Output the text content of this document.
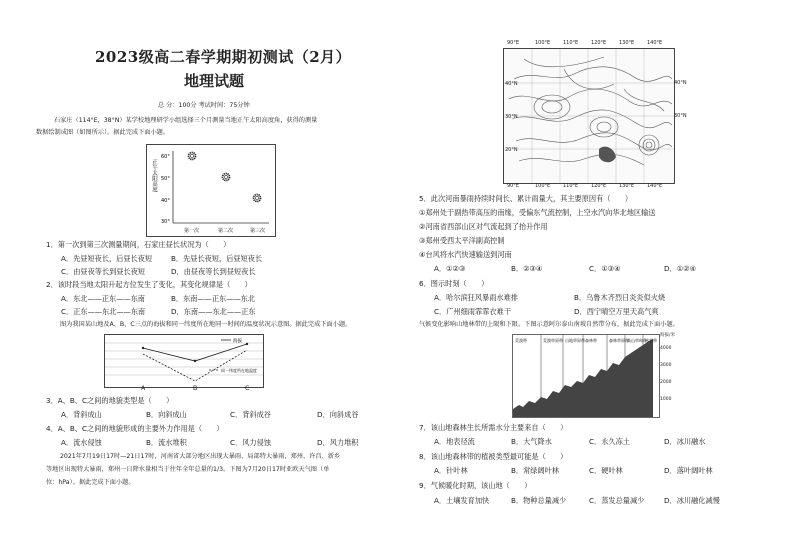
2023级高二春学期期初测试（2月）
地理试题
总 分：100分 考试时间：75分钟
石家庄（114°E，38°N）某学校地理研学小组选择三个月测量当地正午太阳高度角，获得的测量
数据绘制成图（如图所示）。据此完成下面小题。
正午太阳高度
60°
50°
40°
30°
第一次	第二次	第三次
1．第一次到第三次测量期间，石家庄昼长状况为（　　）
A．先昼短夜长，后昼长夜短	B．先昼长夜短，后昼短夜长
C．由昼夜等长到昼长夜短	D．由昼夜等长到昼短夜长
2．该时段当地太阳升起方位发生了变化，其变化规律是（　　）
A．东北——正东——东南	B．东南——正东——东北
C．正东——东北——东南	D．东南——东北——正东
图为我国某山地及A、B、C三点的海拔和同一纬度所在地同一时间的温度状况示意图。据此完成下面小题。
海拔
同一纬度所在地温度
A	B	C
3．A、B、C之间的地貌类型是（　　）
A．背斜成山	B．向斜成山	C．背斜成谷	D．向斜成谷
4．A、B、C之间的地貌形成的主要外力作用是（　　）
A．流水侵蚀	B．流水堆积	C．风力侵蚀	D．风力堆积
2021年7月19日17时—21日17时，河南省大部分地区出现大暴雨、局部特大暴雨，郑州、许昌、新乡
等地区出现特大暴雨，郑州一日降水量相当于往年全年总量的1/3。下图为7月20日17时亚欧天气图（单
位：hPa）。据此完成下面小题。
40°N
30°N
20°N
90°E	100°E	110°E	120°E	130°E	140°E
90°E	100°E	110°E	120°E	130°E	140°E
40°N
30°N
5．此次河南暴雨持续时间长、累计雨量大，其主要原因有（　　）
①郑州处于副热带高压的南缘，受偏东气流控制，上空水汽向华北地区输送
②河南省西部山区对气流起到了抬升作用
③郑州受西太平洋副高控制
④台风将水汽快速输送到河南
A．①②③	B．②③④	C．①③④	D．①②④
6．图示时刻（　　）
A．哈尔滨狂风暴雨水难排	B．乌鲁木齐烈日炎炎似火烧
C．广州细雨霏霏衣难干	D．西宁晴空万里天高气爽
气候变化影响山地林带的上限和下限。下图示意阿尔泰山南坡自然带分布，据此完成下面小题。
荒漠带	荒漠草原带 山地草原带 森林带	森林草原带
高山草甸带
冰雪带
海拔/米
4000
3000
2000
1000
7．该山地森林生长所需水分主要来自（　　）
A．地表径流	B．大气降水	C．永久冻土	D．冰川融水
8．该山地森林带的植被类型最可能是（　　）
A．针叶林	B．常绿阔叶林	C．硬叶林	D．落叶阔叶林
9．气候暖化时期，该山地（　　）
A．土壤发育加快	B．物种总量减少	C．蒸发总量减少	D．冰川融化减慢
